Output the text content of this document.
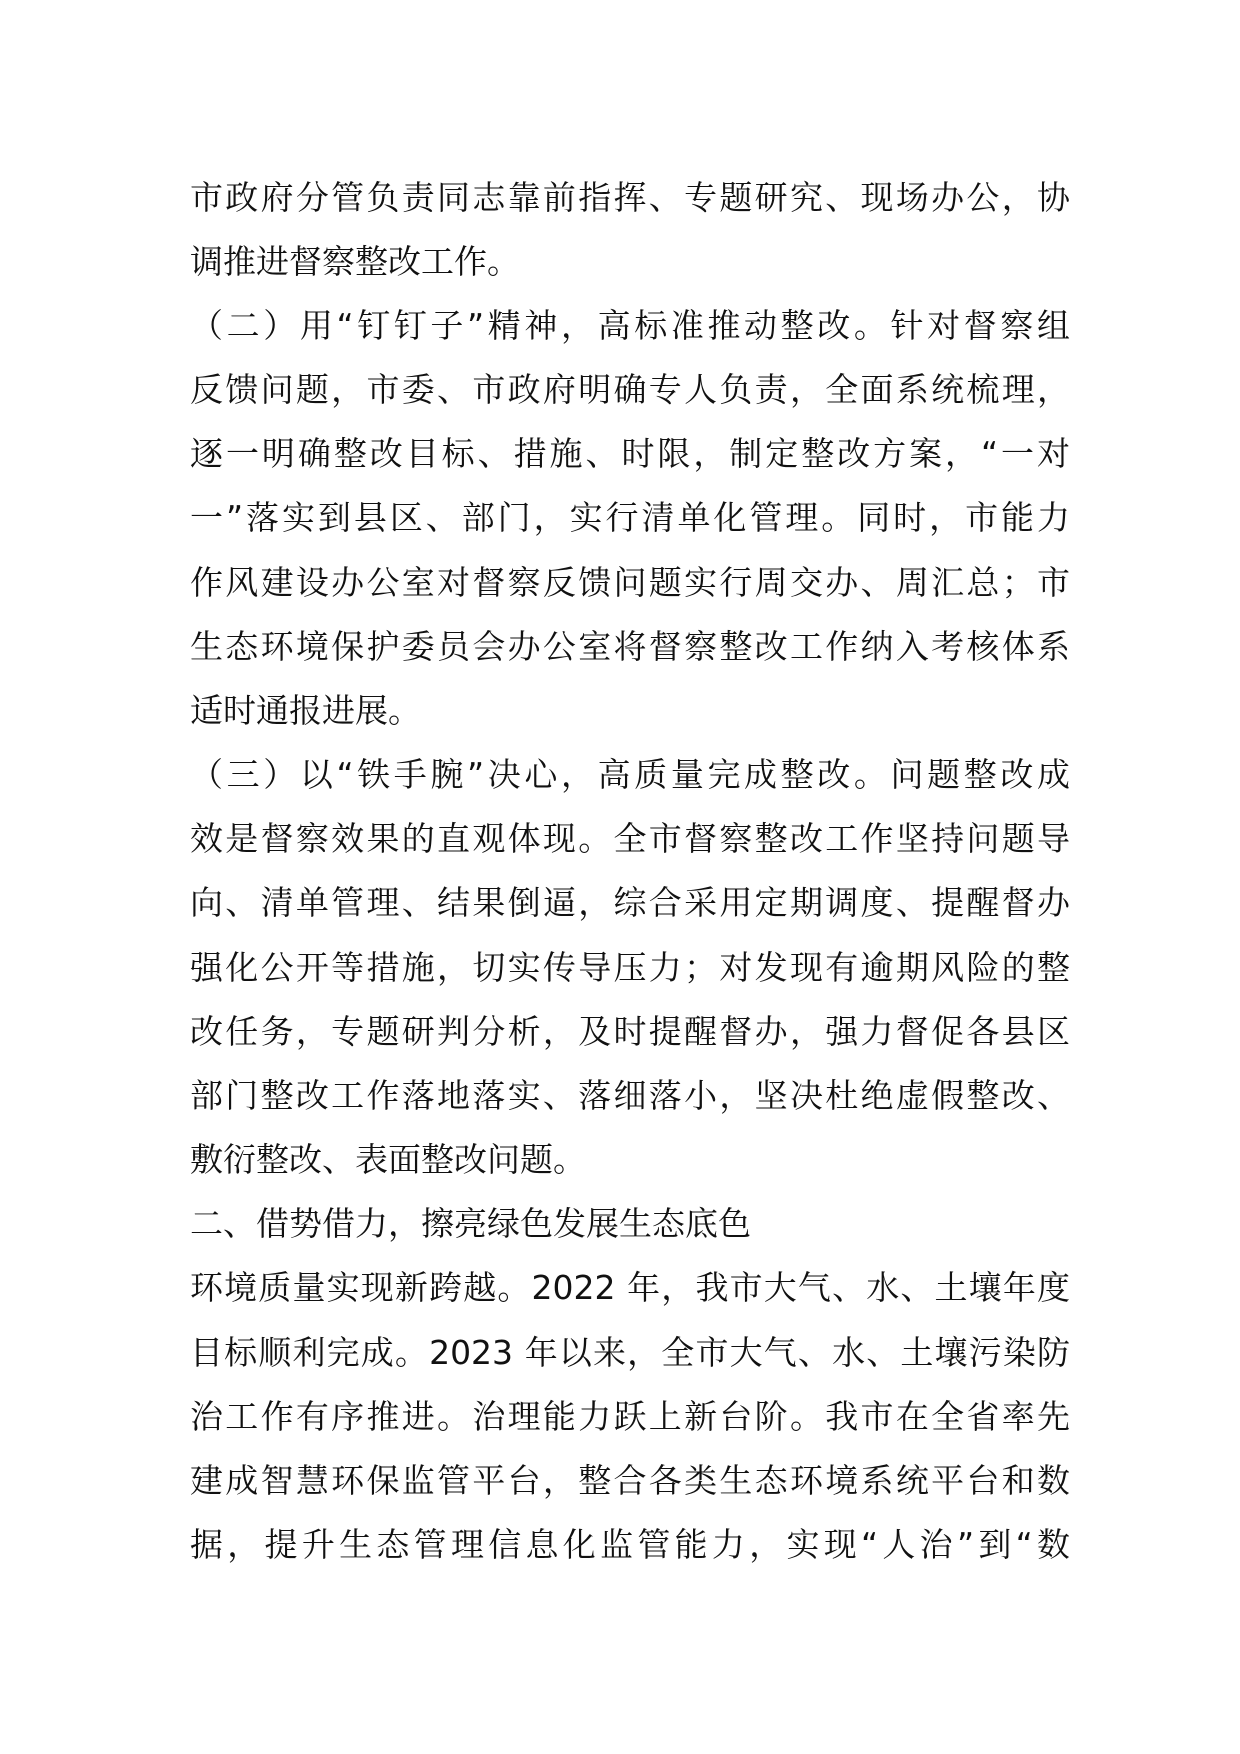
市政府分管负责同志靠前指挥、专题研究、现场办公，协
调推进督察整改工作。
（二）用“钉钉子”精神，高标准推动整改。针对督察组
反馈问题，市委、市政府明确专人负责，全面系统梳理，
逐一明确整改目标、措施、时限，制定整改方案，“一对
一”落实到县区、部门，实行清单化管理。同时，市能力
作风建设办公室对督察反馈问题实行周交办、周汇总；市
生态环境保护委员会办公室将督察整改工作纳入考核体系
适时通报进展。
（三）以“铁手腕”决心，高质量完成整改。问题整改成
效是督察效果的直观体现。全市督察整改工作坚持问题导
向、清单管理、结果倒逼，综合采用定期调度、提醒督办
强化公开等措施，切实传导压力；对发现有逾期风险的整
改任务，专题研判分析，及时提醒督办，强力督促各县区
部门整改工作落地落实、落细落小，坚决杜绝虚假整改、
敷衍整改、表面整改问题。
二、借势借力，擦亮绿色发展生态底色
环境质量实现新跨越。2022 年，我市大气、水、土壤年度
目标顺利完成。2023 年以来，全市大气、水、土壤污染防
治工作有序推进。治理能力跃上新台阶。我市在全省率先
建成智慧环保监管平台，整合各类生态环境系统平台和数
据，提升生态管理信息化监管能力，实现“人治”到“数
